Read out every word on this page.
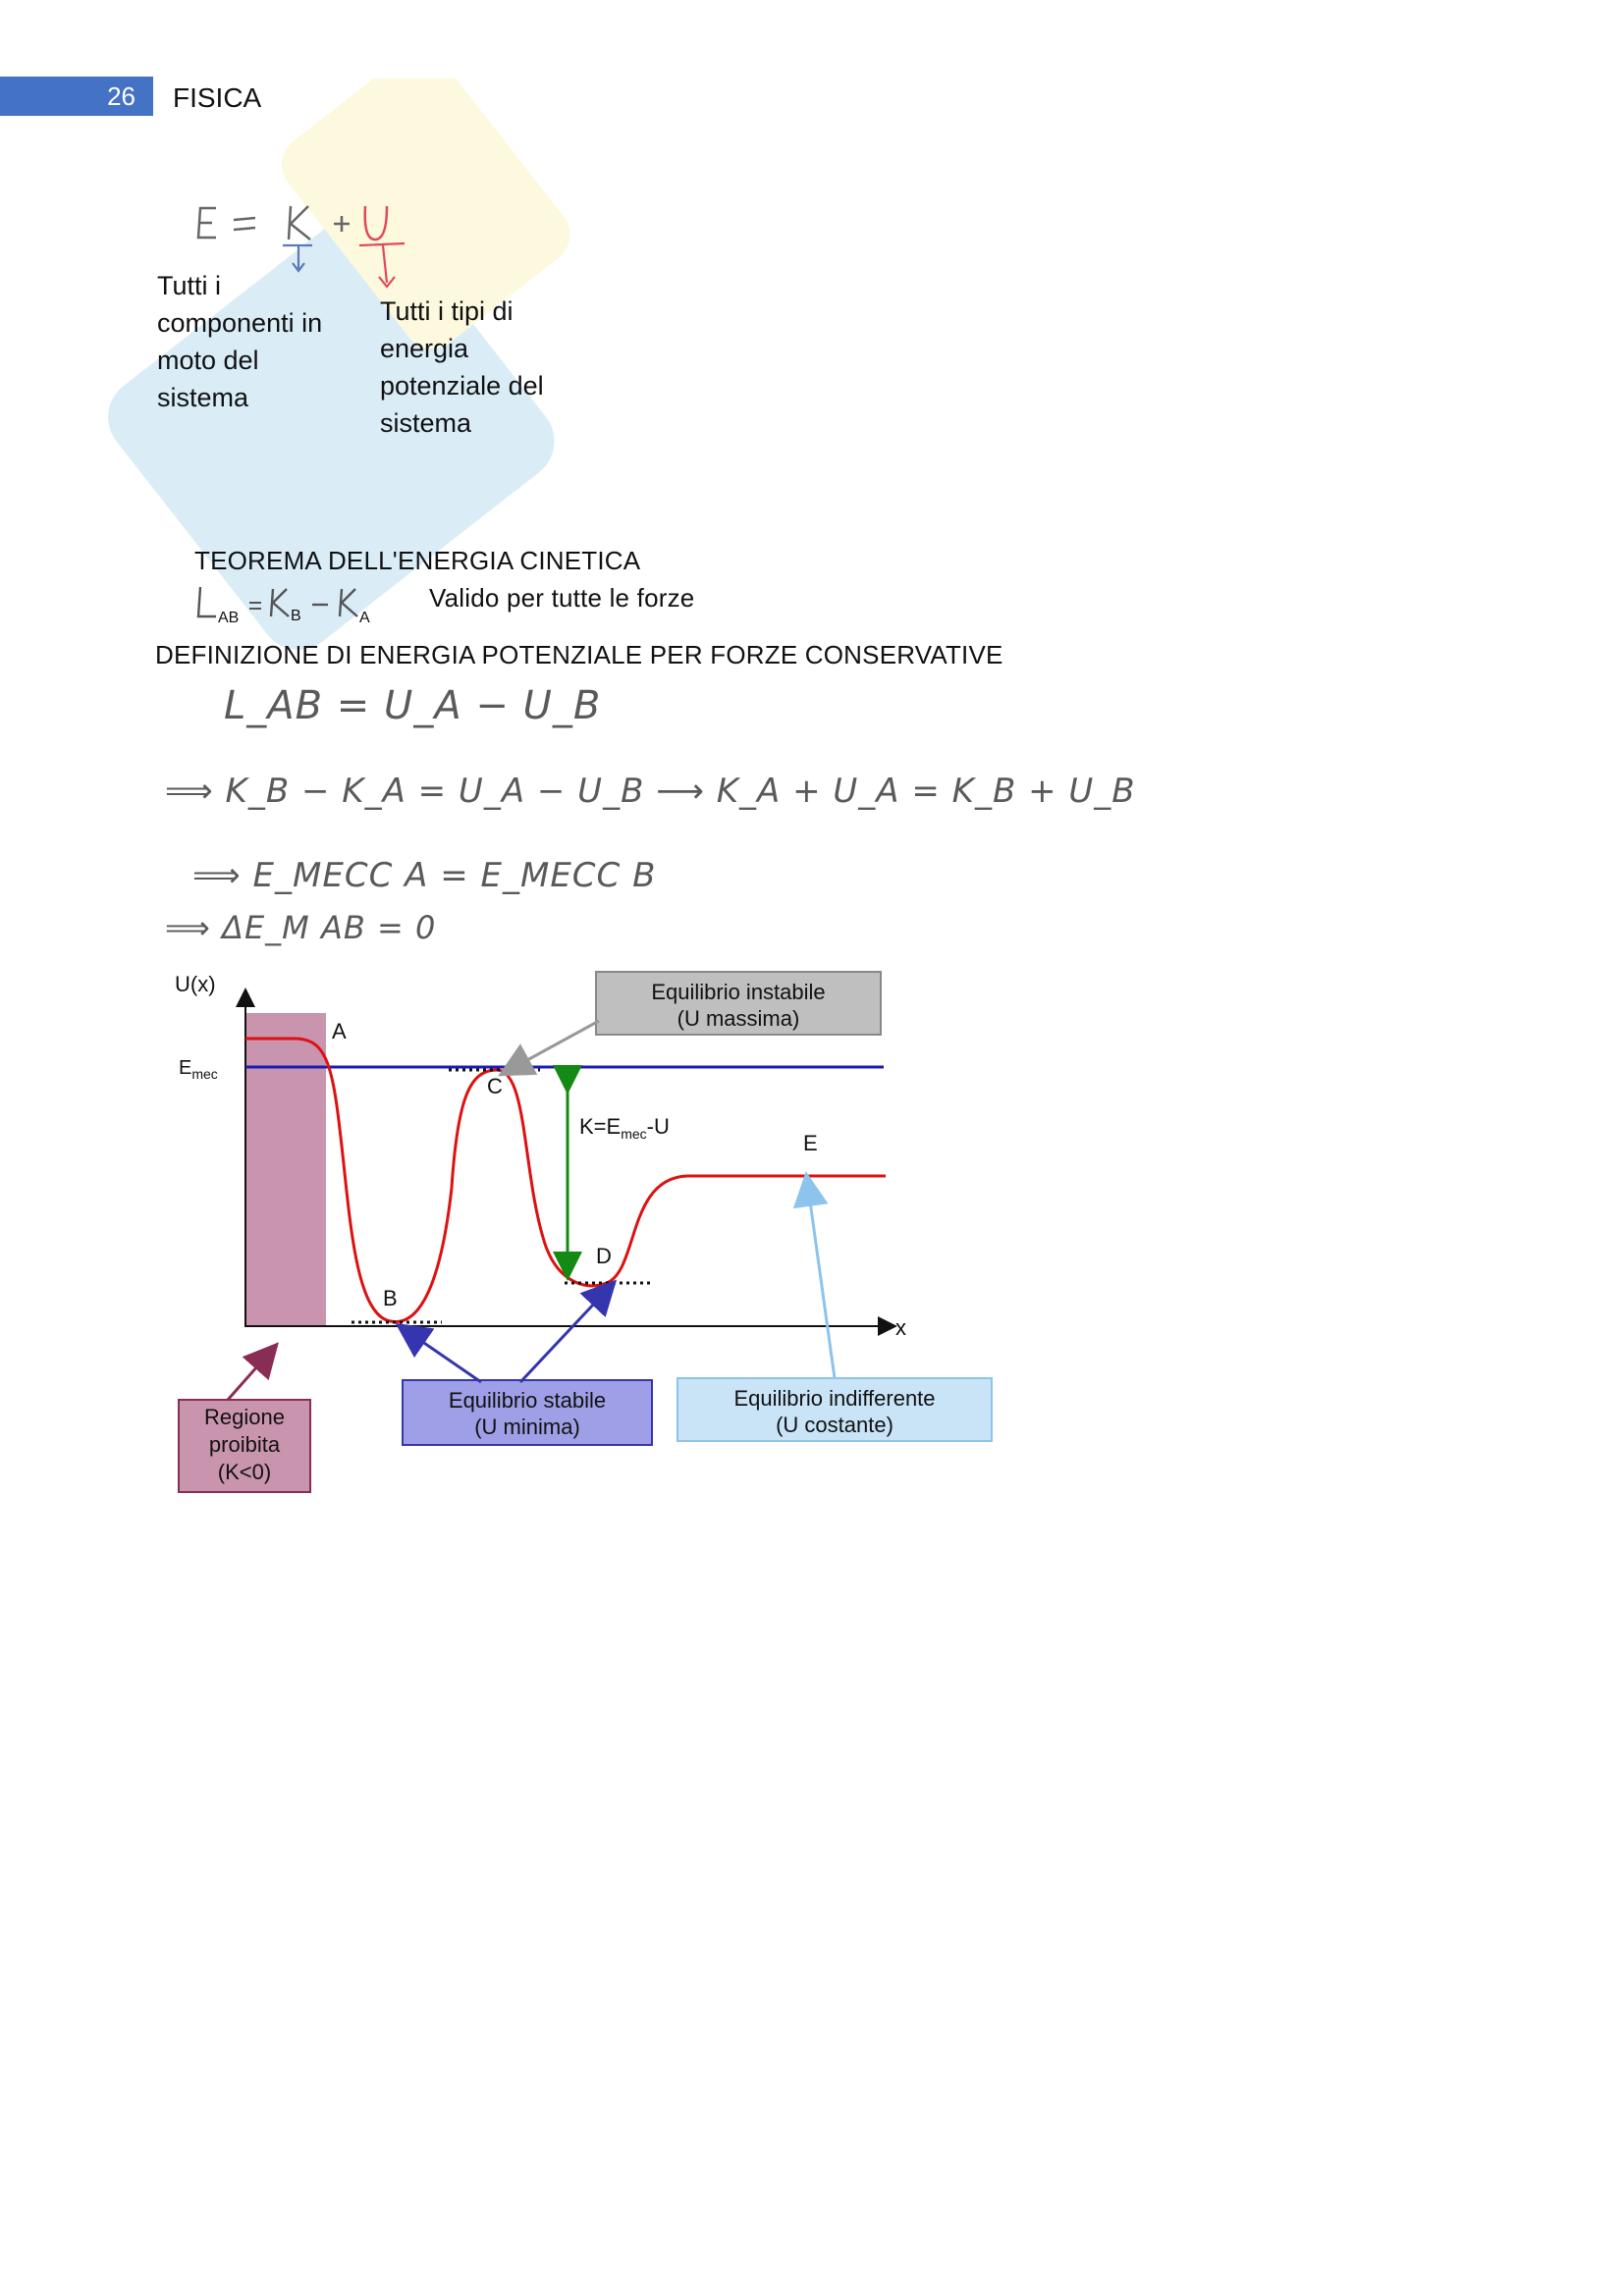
26 FISICA
Tutti i componenti in moto del sistema
Tutti i tipi di energia potenziale del sistema
TEOREMA DELL'ENERGIA CINETICA
AB	B	A
Valido per tutte le forze
DEFINIZIONE DI ENERGIA POTENZIALE PER FORZE CONSERVATIVE
L_AB = U_A − U_B
⟹ K_B − K_A = U_A − U_B ⟶ K_A + U_A = K_B + U_B
⟹ E_MECC A = E_MECC B
⟹ ΔE_M AB = 0
U(x)
x
$E_{mec}$
A
B
C
D
E
$K=E_{mec}-U$
Equilibrio instabile
(U massima)
Equilibrio stabile
(U minima)
Equilibrio indifferente
(U costante)
Regione
proibita
(K<0)
